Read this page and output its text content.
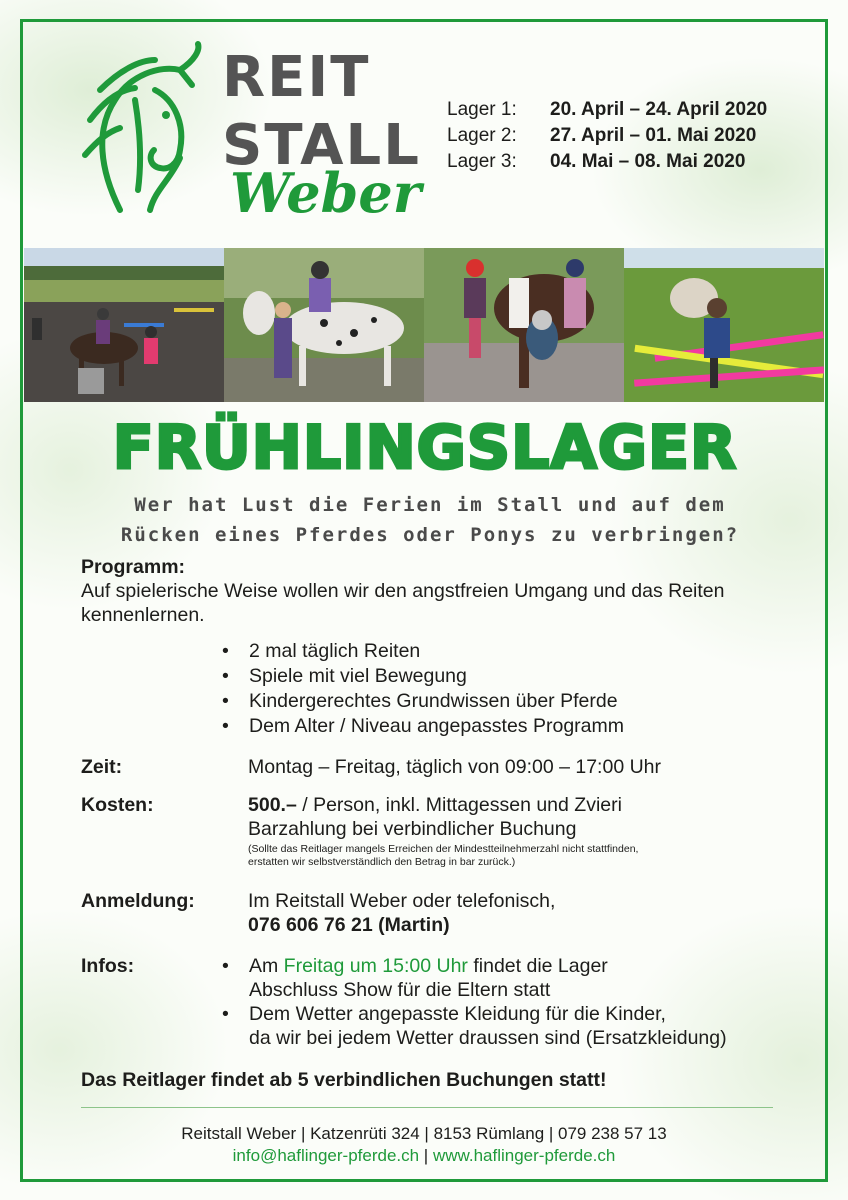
REIT
STALL
Weber
Lager 1:	20. April – 24. April 2020
Lager 2:	27. April – 01. Mai 2020
Lager 3:	04. Mai – 08. Mai 2020
FRÜHLINGSLAGER
Wer hat Lust die Ferien im Stall und auf dem
Rücken eines Pferdes oder Ponys zu verbringen?
Programm:
Auf spielerische Weise wollen wir den angstfreien Umgang und das Reiten kennenlernen.
•	2 mal täglich Reiten
•	Spiele mit viel Bewegung
•	Kindergerechtes Grundwissen über Pferde
•	Dem Alter / Niveau angepasstes Programm
Zeit:	Montag – Freitag, täglich von 09:00 – 17:00 Uhr
Kosten:	500.– / Person, inkl. Mittagessen und Zvieri
Barzahlung bei verbindlicher Buchung
(Sollte das Reitlager mangels Erreichen der Mindestteilnehmerzahl nicht stattfinden,
erstatten wir selbstverständlich den Betrag in bar zurück.)
Anmeldung:	Im Reitstall Weber oder telefonisch,
076 606 76 21 (Martin)
Infos:	•	Am Freitag um 15:00 Uhr findet die Lager
Abschluss Show für die Eltern statt
•	Dem Wetter angepasste Kleidung für die Kinder,
da wir bei jedem Wetter draussen sind (Ersatzkleidung)
Das Reitlager findet ab 5 verbindlichen Buchungen statt!
Reitstall Weber | Katzenrüti 324 | 8153 Rümlang | 079 238 57 13
info@haflinger-pferde.ch | www.haflinger-pferde.ch
